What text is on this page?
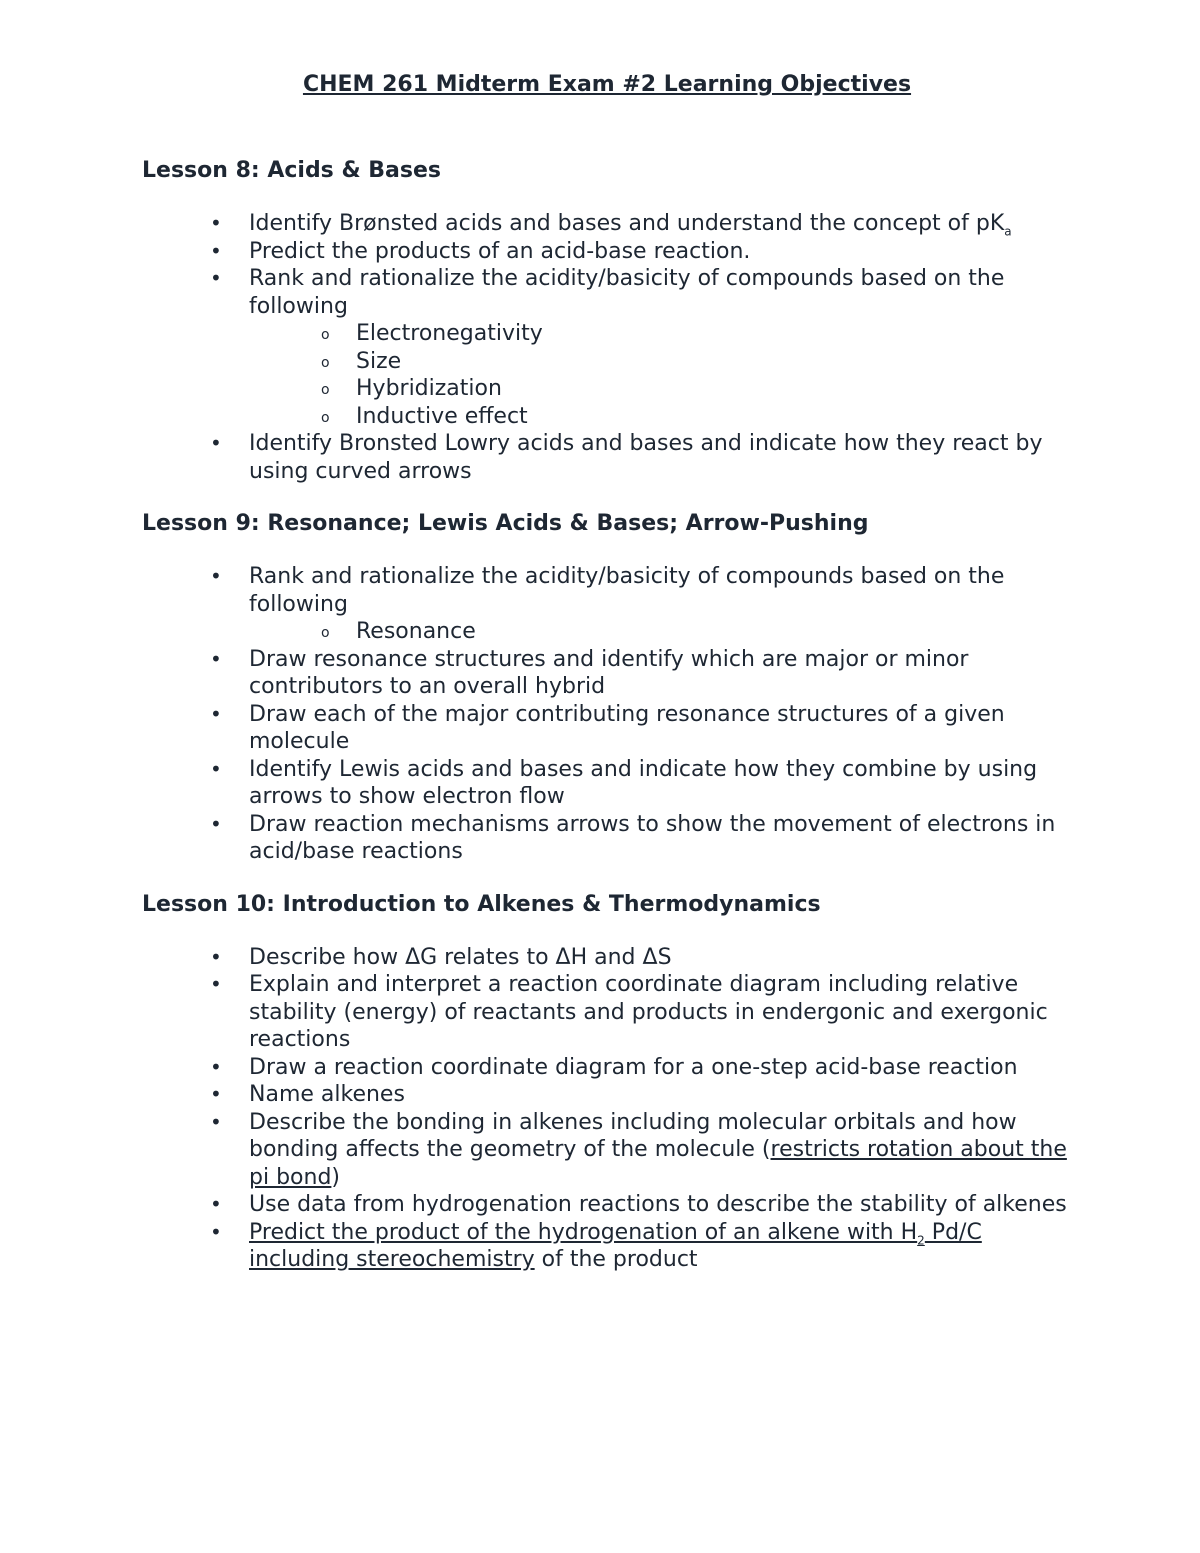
CHEM 261 Midterm Exam #2 Learning Objectives
Lesson 8: Acids & Bases
• Identify Brønsted acids and bases and understand the concept of $pK_a$
• Predict the products of an acid-base reaction.
• Rank and rationalize the acidity/basicity of compounds based on the following
o Electronegativity
o Size
o Hybridization
o Inductive effect
• Identify Bronsted Lowry acids and bases and indicate how they react by using curved arrows
Lesson 9: Resonance; Lewis Acids & Bases; Arrow-Pushing
• Rank and rationalize the acidity/basicity of compounds based on the following
o Resonance
• Draw resonance structures and identify which are major or minor contributors to an overall hybrid
• Draw each of the major contributing resonance structures of a given molecule
• Identify Lewis acids and bases and indicate how they combine by using arrows to show electron flow
• Draw reaction mechanisms arrows to show the movement of electrons in acid/base reactions
Lesson 10: Introduction to Alkenes & Thermodynamics
• Describe how ΔG relates to ΔH and ΔS
• Explain and interpret a reaction coordinate diagram including relative stability (energy) of reactants and products in endergonic and exergonic reactions
• Draw a reaction coordinate diagram for a one-step acid-base reaction
• Name alkenes
• Describe the bonding in alkenes including molecular orbitals and how bonding affects the geometry of the molecule (restricts rotation about the pi bond)
• Use data from hydrogenation reactions to describe the stability of alkenes
• Predict the product of the hydrogenation of an alkene with $H_2$ Pd/C including stereochemistry of the product
